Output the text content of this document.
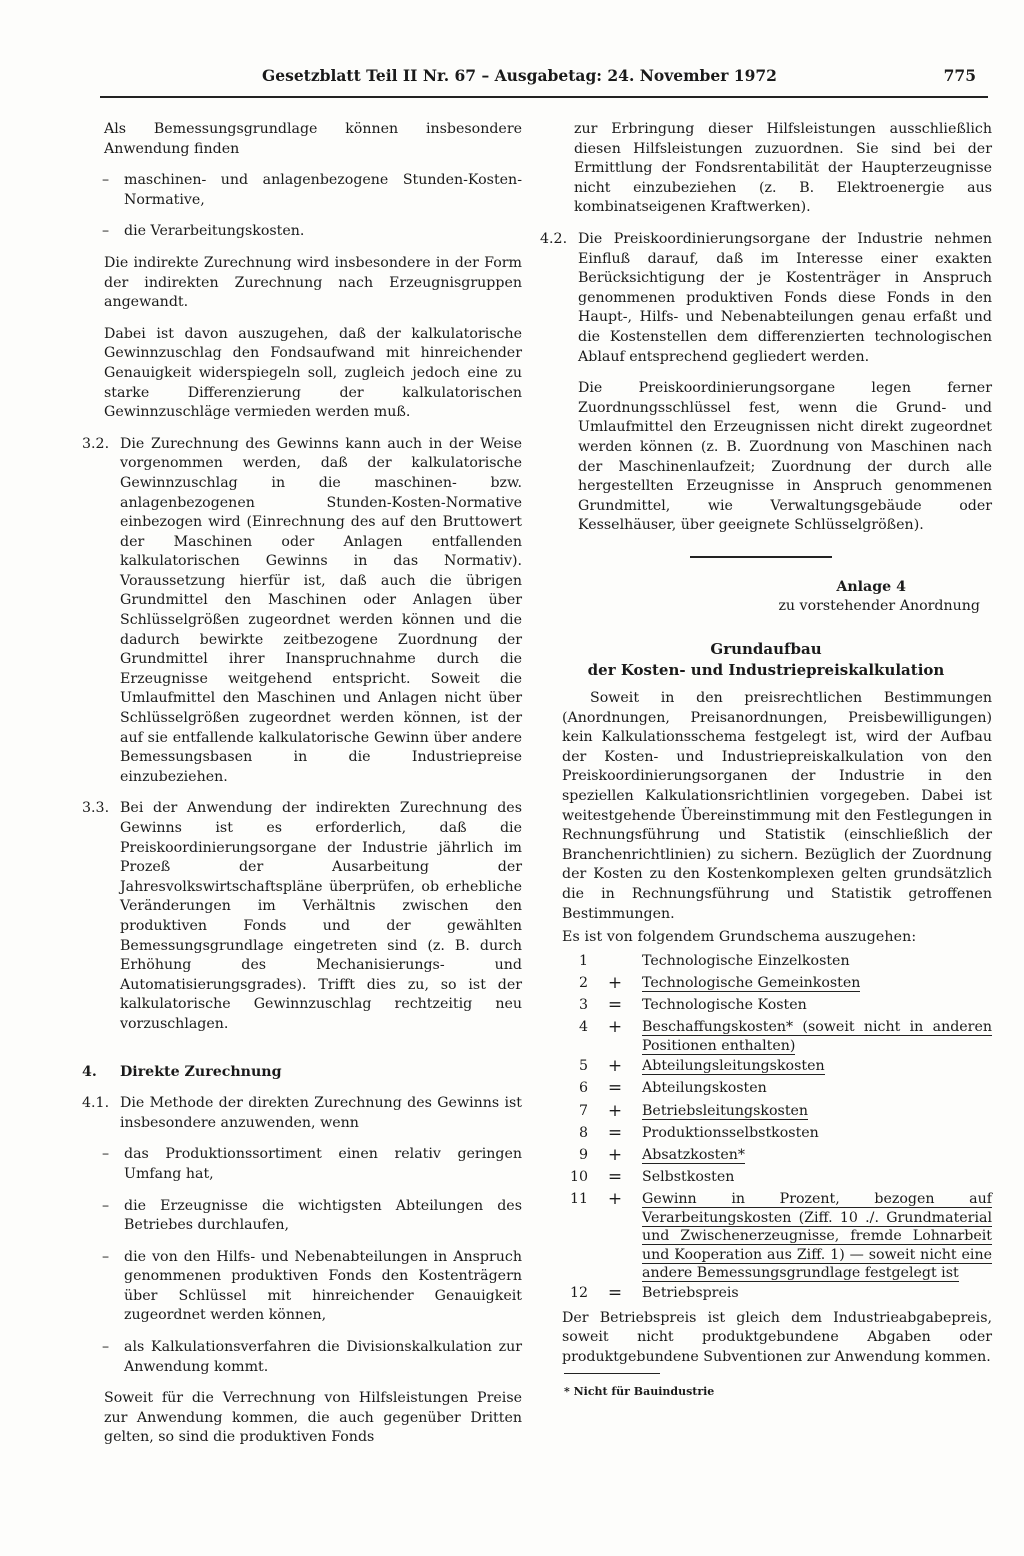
Gesetzblatt Teil II Nr. 67 – Ausgabetag: 24. November 1972	775

Als Bemessungsgrundlage können insbesondere Anwendung finden

–	maschinen- und anlagenbezogene Stunden-Kosten-Normative,
–	die Verarbeitungskosten.

Die indirekte Zurechnung wird insbesondere in der Form der indirekten Zurechnung nach Erzeugnisgruppen angewandt.

Dabei ist davon auszugehen, daß der kalkulatorische Gewinnzuschlag den Fondsaufwand mit hinreichender Genauigkeit widerspiegeln soll, zugleich jedoch eine zu starke Differenzierung der kalkulatorischen Gewinnzuschläge vermieden werden muß.

3.2. Die Zurechnung des Gewinns kann auch in der Weise vorgenommen werden, daß der kalkulatorische Gewinnzuschlag in die maschinen- bzw. anlagenbezogenen Stunden-Kosten-Normative einbezogen wird (Einrechnung des auf den Bruttowert der Maschinen oder Anlagen entfallenden kalkulatorischen Gewinns in das Normativ). Voraussetzung hierfür ist, daß auch die übrigen Grundmittel den Maschinen oder Anlagen über Schlüsselgrößen zugeordnet werden können und die dadurch bewirkte zeitbezogene Zuordnung der Grundmittel ihrer Inanspruchnahme durch die Erzeugnisse weitgehend entspricht. Soweit die Umlaufmittel den Maschinen und Anlagen nicht über Schlüsselgrößen zugeordnet werden können, ist der auf sie entfallende kalkulatorische Gewinn über andere Bemessungsbasen in die Industriepreise einzubeziehen.
3.3. Bei der Anwendung der indirekten Zurechnung des Gewinns ist es erforderlich, daß die Preiskoordinierungsorgane der Industrie jährlich im Prozeß der Ausarbeitung der Jahresvolkswirtschaftspläne überprüfen, ob erhebliche Veränderungen im Verhältnis zwischen den produktiven Fonds und der gewählten Bemessungsgrundlage eingetreten sind (z. B. durch Erhöhung des Mechanisierungs- und Automatisierungsgrades). Trifft dies zu, so ist der kalkulatorische Gewinnzuschlag rechtzeitig neu vorzuschlagen.
4.	Direkte Zurechnung
4.1. Die Methode der direkten Zurechnung des Gewinns ist insbesondere anzuwenden, wenn
–	das Produktionssortiment einen relativ geringen Umfang hat,
–	die Erzeugnisse die wichtigsten Abteilungen des Betriebes durchlaufen,
–	die von den Hilfs- und Nebenabteilungen in Anspruch genommenen produktiven Fonds den Kostenträgern über Schlüssel mit hinreichender Genauigkeit zugeordnet werden können,
–	als Kalkulationsverfahren die Divisionskalkulation zur Anwendung kommt.

Soweit für die Verrechnung von Hilfsleistungen Preise zur Anwendung kommen, die auch gegenüber Dritten gelten, so sind die produktiven Fonds

zur Erbringung dieser Hilfsleistungen ausschließlich diesen Hilfsleistungen zuzuordnen. Sie sind bei der Ermittlung der Fondsrentabilität der Haupterzeugnisse nicht einzubeziehen (z. B. Elektroenergie aus kombinatseigenen Kraftwerken).

4.2. Die Preiskoordinierungsorgane der Industrie nehmen Einfluß darauf, daß im Interesse einer exakten Berücksichtigung der je Kostenträger in Anspruch genommenen produktiven Fonds diese Fonds in den Haupt-, Hilfs- und Nebenabteilungen genau erfaßt und die Kostenstellen dem differenzierten technologischen Ablauf entsprechend gegliedert werden.

Die Preiskoordinierungsorgane legen ferner Zuordnungsschlüssel fest, wenn die Grund- und Umlaufmittel den Erzeugnissen nicht direkt zugeordnet werden können (z. B. Zuordnung von Maschinen nach der Maschinenlaufzeit; Zuordnung der durch alle hergestellten Erzeugnisse in Anspruch genommenen Grundmittel, wie Verwaltungsgebäude oder Kesselhäuser, über geeignete Schlüsselgrößen).

Anlage 4
zu vorstehender Anordnung
Grundaufbau
der Kosten- und Industriepreiskalkulation

Soweit in den preisrechtlichen Bestimmungen (Anordnungen, Preisanordnungen, Preisbewilligungen) kein Kalkulationsschema festgelegt ist, wird der Aufbau der Kosten- und Industriepreiskalkulation von den Preiskoordinierungsorganen der Industrie in den speziellen Kalkulationsrichtlinien vorgegeben. Dabei ist weitestgehende Übereinstimmung mit den Festlegungen in Rechnungsführung und Statistik (einschließlich der Branchenrichtlinien) zu sichern. Bezüglich der Zuordnung der Kosten zu den Kostenkomplexen gelten grundsätzlich die in Rechnungsführung und Statistik getroffenen Bestimmungen.

Es ist von folgendem Grundschema auszugehen:

1	Technologische Einzelkosten
2	+	Technologische Gemeinkosten
3	=	Technologische Kosten
4	+	Beschaffungskosten* (soweit nicht in anderen Positionen enthalten)
5	+	Abteilungsleitungskosten
6	=	Abteilungskosten
7	+	Betriebsleitungskosten
8	=	Produktionsselbstkosten
9	+	Absatzkosten*
10	=	Selbstkosten
11	+	Gewinn in Prozent, bezogen auf Verarbeitungskosten (Ziff. 10 ./. Grundmaterial und Zwischenerzeugnisse, fremde Lohnarbeit und Kooperation aus Ziff. 1) — soweit nicht eine andere Bemessungsgrundlage festgelegt ist
12	=	Betriebspreis

Der Betriebspreis ist gleich dem Industrieabgabepreis, soweit nicht produktgebundene Abgaben oder produktgebundene Subventionen zur Anwendung kommen.

* Nicht für Bauindustrie
